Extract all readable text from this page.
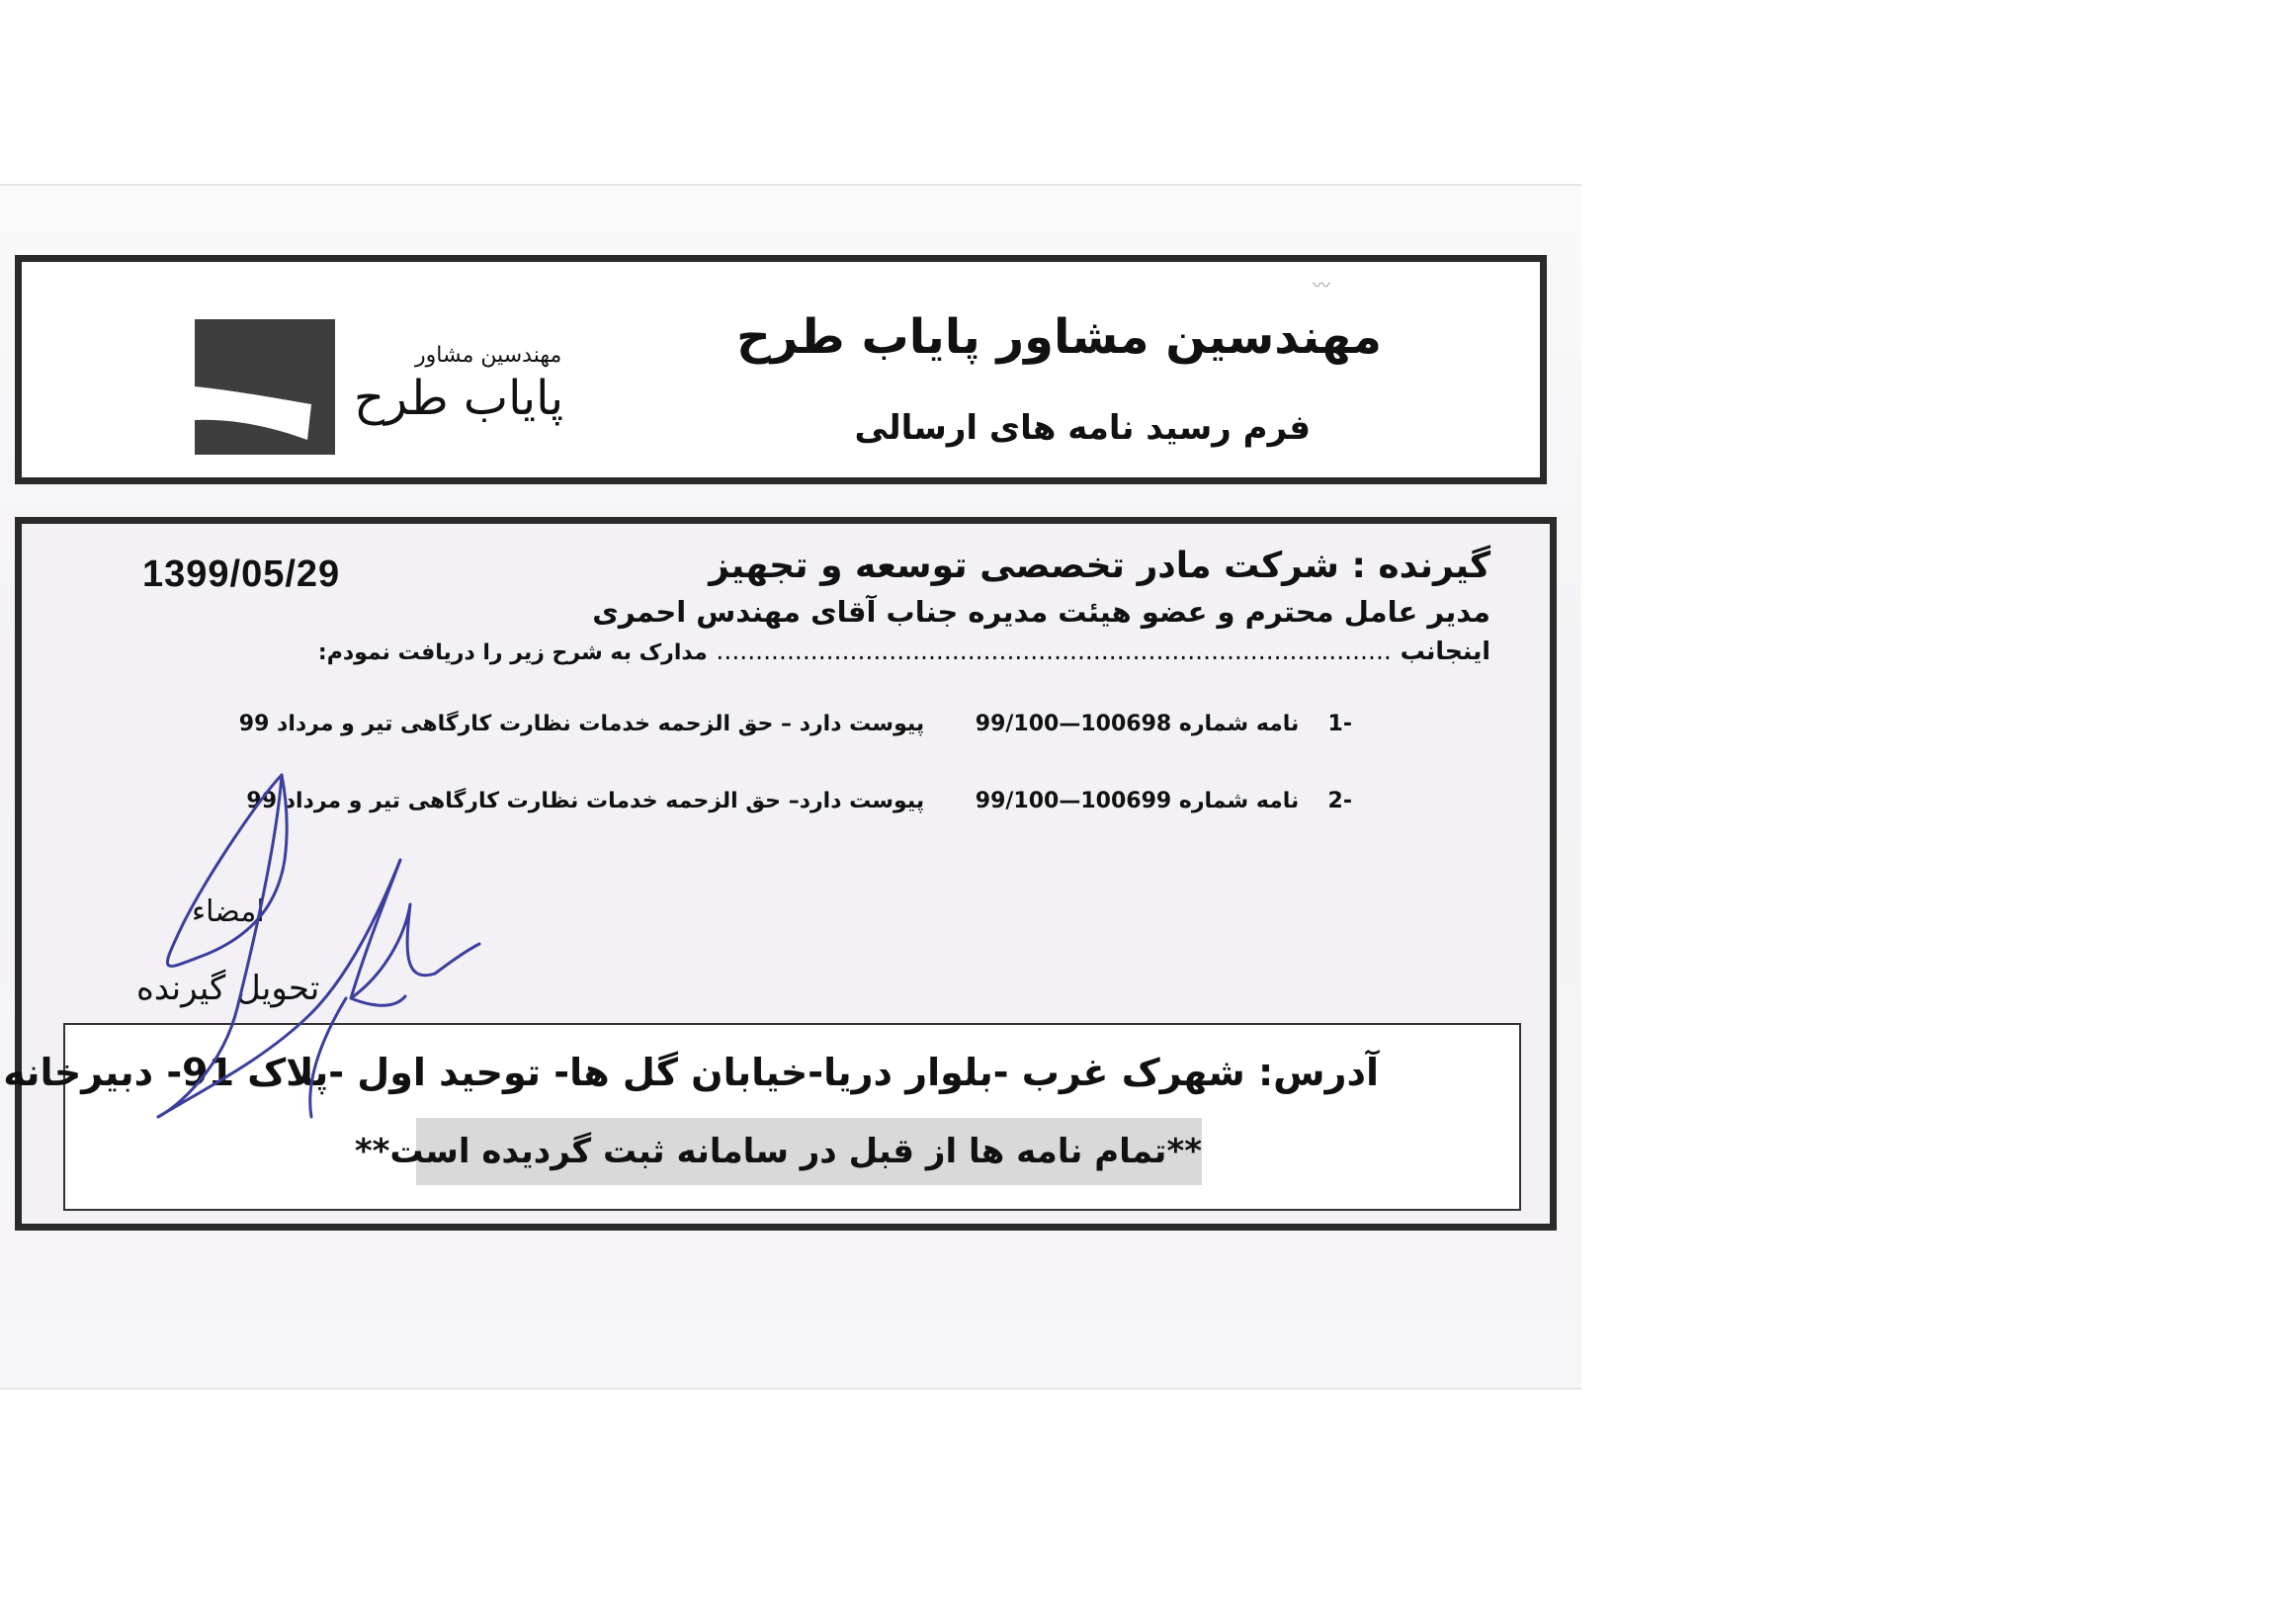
〰
مهندسین مشاور پایاب طرح
فرم رسید نامه های ارسالی
مهندسین مشاور
پایاب طرح
1399/05/29	گیرنده : شرکت مادر تخصصی توسعه و تجهیز
مدیر عامل محترم و عضو هیئت مدیره جناب آقای مهندس احمری
اینجانب ...................................................................................... مدارک به شرح زیر را دریافت نمودم:
-1 نامه شماره 100698—99/100 پیوست دارد – حق الزحمه خدمات نظارت کارگاهی تیر و مرداد 99
-2 نامه شماره 100699—99/100 پیوست دارد– حق الزحمه خدمات نظارت کارگاهی تیر و مرداد 99
امضاء
تحویل گیرنده
آدرس: شهرک غرب -بلوار دریا-خیابان گل ها- توحید اول -پلاک 91- دبیرخانه
**تمام نامه ها از قبل در سامانه ثبت گردیده است**
